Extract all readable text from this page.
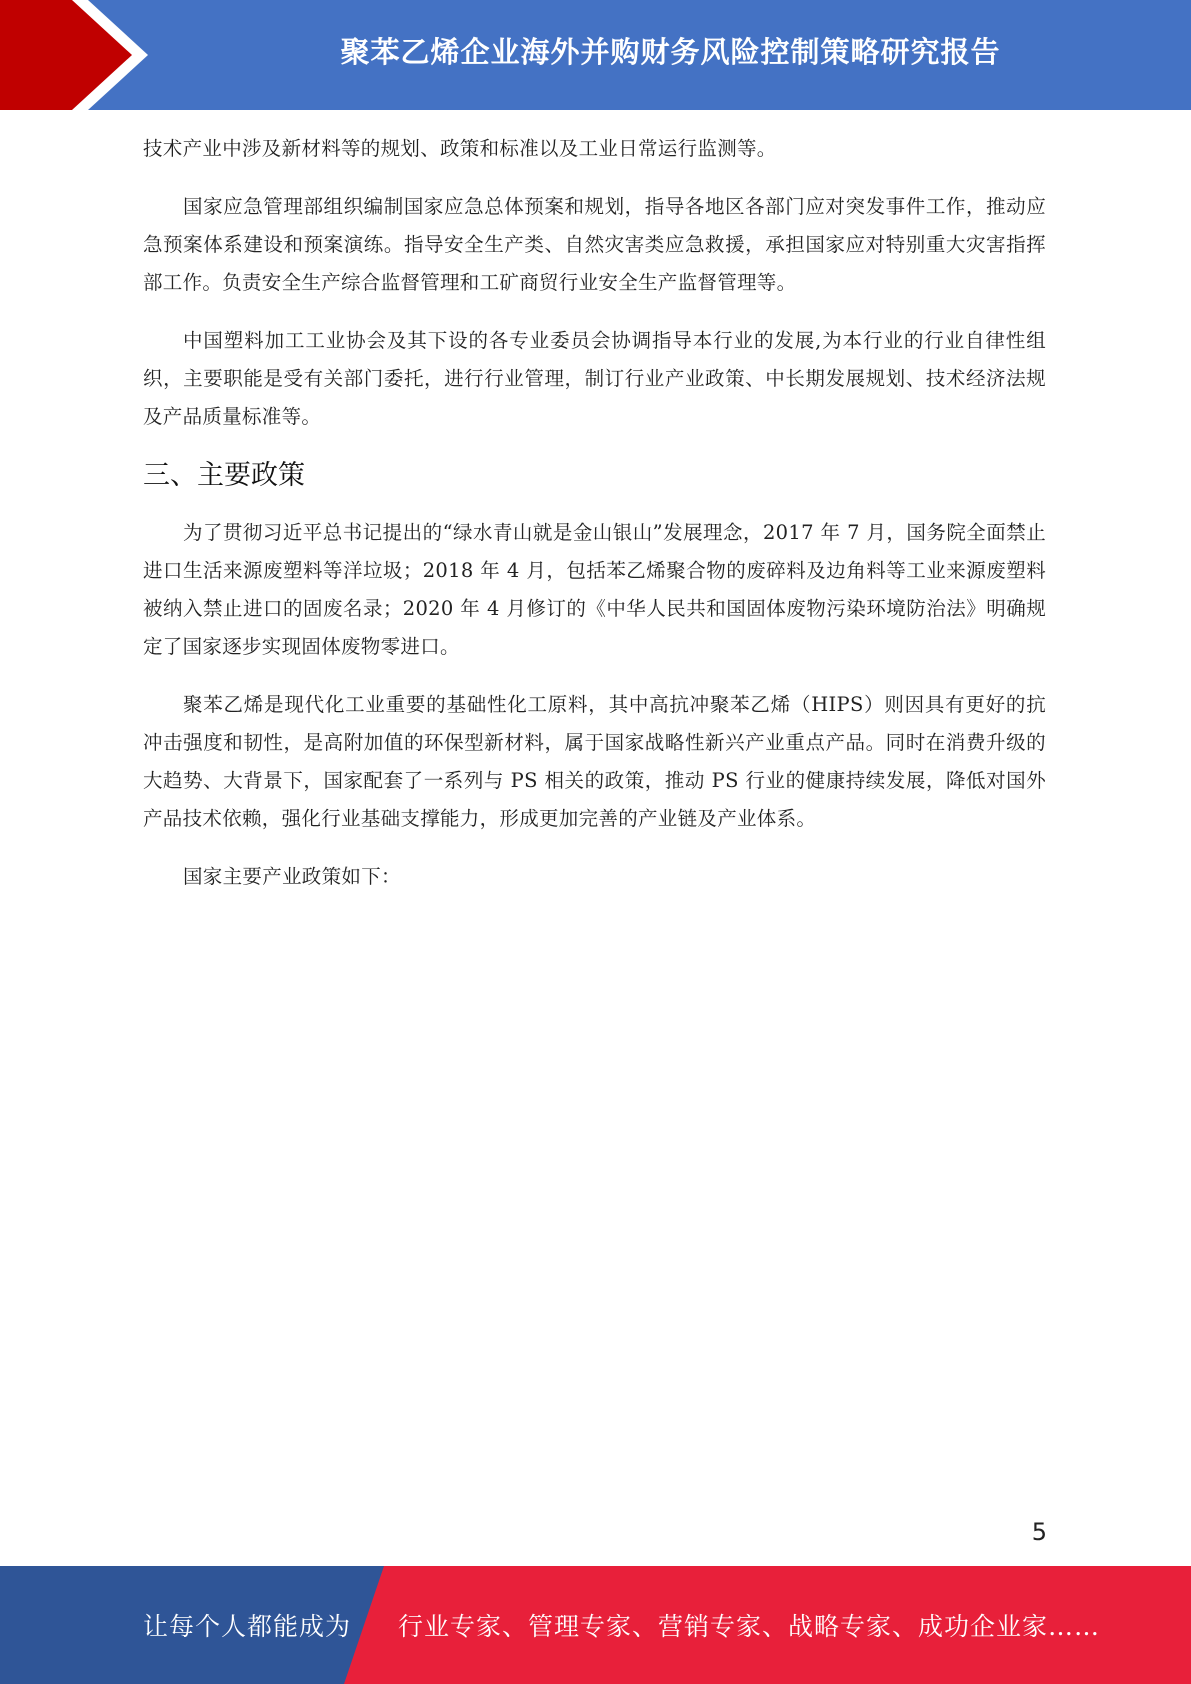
聚苯乙烯企业海外并购财务风险控制策略研究报告

技术产业中涉及新材料等的规划、政策和标准以及工业日常运行监测等。

国家应急管理部组织编制国家应急总体预案和规划，指导各地区各部门应对突发事件工作，推动应急预案体系建设和预案演练。指导安全生产类、自然灾害类应急救援，承担国家应对特别重大灾害指挥部工作。负责安全生产综合监督管理和工矿商贸行业安全生产监督管理等。

中国塑料加工工业协会及其下设的各专业委员会协调指导本行业的发展,为本行业的行业自律性组织，主要职能是受有关部门委托，进行行业管理，制订行业产业政策、中长期发展规划、技术经济法规及产品质量标准等。

三、主要政策

为了贯彻习近平总书记提出的“绿水青山就是金山银山”发展理念，2017 年 7 月，国务院全面禁止进口生活来源废塑料等洋垃圾；2018 年 4 月，包括苯乙烯聚合物的废碎料及边角料等工业来源废塑料被纳入禁止进口的固废名录；2020 年 4 月修订的《中华人民共和国固体废物污染环境防治法》明确规定了国家逐步实现固体废物零进口。

聚苯乙烯是现代化工业重要的基础性化工原料，其中高抗冲聚苯乙烯（HIPS）则因具有更好的抗冲击强度和韧性，是高附加值的环保型新材料，属于国家战略性新兴产业重点产品。同时在消费升级的大趋势、大背景下，国家配套了一系列与 PS 相关的政策，推动 PS 行业的健康持续发展，降低对国外产品技术依赖，强化行业基础支撑能力，形成更加完善的产业链及产业体系。

国家主要产业政策如下：

5
让每个人都能成为 行业专家、管理专家、营销专家、战略专家、成功企业家……
